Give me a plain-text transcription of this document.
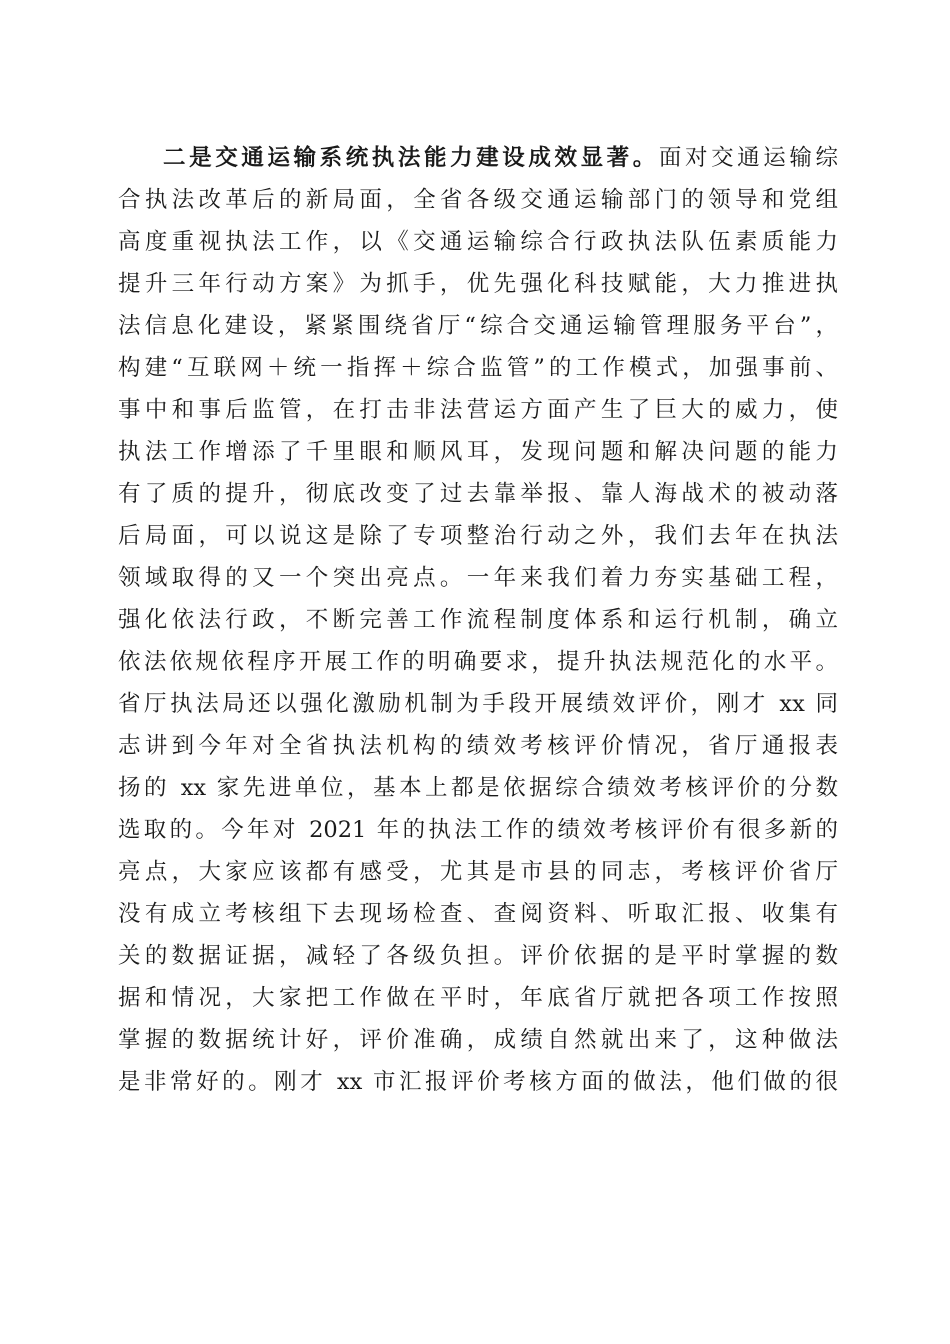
二是交通运输系统执法能力建设成效显著。面对交通运输综
合执法改革后的新局面，全省各级交通运输部门的领导和党组
高度重视执法工作，以《交通运输综合行政执法队伍素质能力
提升三年行动方案》为抓手，优先强化科技赋能，大力推进执
法信息化建设，紧紧围绕省厅“综合交通运输管理服务平台”，
构建“互联网＋统一指挥＋综合监管”的工作模式，加强事前、
事中和事后监管，在打击非法营运方面产生了巨大的威力，使
执法工作增添了千里眼和顺风耳，发现问题和解决问题的能力
有了质的提升，彻底改变了过去靠举报、靠人海战术的被动落
后局面，可以说这是除了专项整治行动之外，我们去年在执法
领域取得的又一个突出亮点。一年来我们着力夯实基础工程，
强化依法行政，不断完善工作流程制度体系和运行机制，确立
依法依规依程序开展工作的明确要求，提升执法规范化的水平。
省厅执法局还以强化激励机制为手段开展绩效评价，刚才 xx 同
志讲到今年对全省执法机构的绩效考核评价情况，省厅通报表
扬的 xx 家先进单位，基本上都是依据综合绩效考核评价的分数
选取的。今年对 2021 年的执法工作的绩效考核评价有很多新的
亮点，大家应该都有感受，尤其是市县的同志，考核评价省厅
没有成立考核组下去现场检查、查阅资料、听取汇报、收集有
关的数据证据，减轻了各级负担。评价依据的是平时掌握的数
据和情况，大家把工作做在平时，年底省厅就把各项工作按照
掌握的数据统计好，评价准确，成绩自然就出来了，这种做法
是非常好的。刚才 xx 市汇报评价考核方面的做法，他们做的很
